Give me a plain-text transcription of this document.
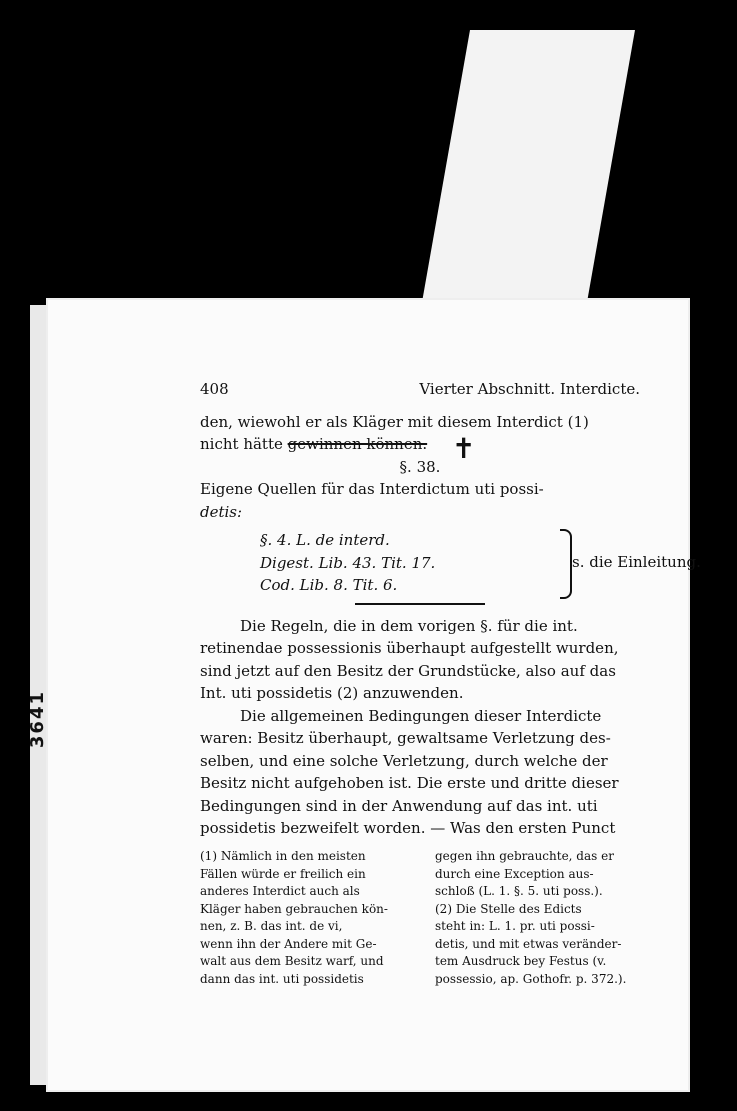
3641
408	Vierter Abschnitt. Interdicte.
den, wiewohl er als Kläger mit diesem Interdict (1)
nicht hätte gewinnen können.
§. 38.
Eigene Quellen für das Interdictum uti possi-
detis:
§. 4. L. de interd.
Digest. Lib. 43. Tit. 17.
Cod. Lib. 8. Tit. 6.
s. die Einleitung.
Die Regeln, die in dem vorigen §. für die int.
retinendae possessionis überhaupt aufgestellt wurden,
sind jetzt auf den Besitz der Grundstücke, also auf das
Int. uti possidetis (2) anzuwenden.
Die allgemeinen Bedingungen dieser Interdicte
waren: Besitz überhaupt, gewaltsame Verletzung des-
selben, und eine solche Verletzung, durch welche der
Besitz nicht aufgehoben ist. Die erste und dritte dieser
Bedingungen sind in der Anwendung auf das int. uti
possidetis bezweifelt worden. — Was den ersten Punct
✝
(1) Nämlich in den meisten
Fällen würde er freilich ein
anderes Interdict auch als
Kläger haben gebrauchen kön-
nen, z. B. das int. de vi,
wenn ihn der Andere mit Ge-
walt aus dem Besitz warf, und
dann das int. uti possidetis
gegen ihn gebrauchte, das er
durch eine Exception aus-
schloß (L. 1. §. 5. uti poss.).
(2) Die Stelle des Edicts
steht in: L. 1. pr. uti possi-
detis, und mit etwas veränder-
tem Ausdruck bey Festus (v.
possessio, ap. Gothofr. p. 372.).
